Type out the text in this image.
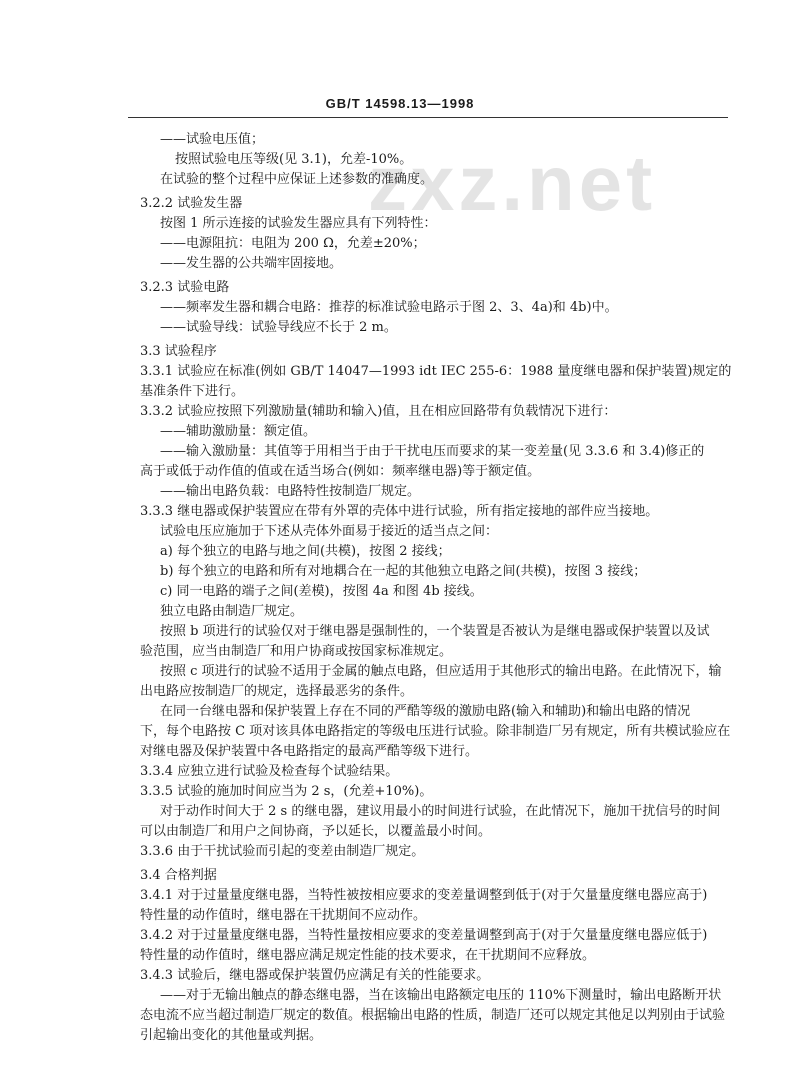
GB/T 14598.13—1998
zxz.net
——试验电压值；
按照试验电压等级(见 3.1)，允差-10%。
在试验的整个过程中应保证上述参数的准确度。
3.2.2 试验发生器
按图 1 所示连接的试验发生器应具有下列特性：
——电源阻抗：电阻为 200 Ω，允差±20%；
——发生器的公共端牢固接地。
3.2.3 试验电路
——频率发生器和耦合电路：推荐的标准试验电路示于图 2、3、4a)和 4b)中。
——试验导线：试验导线应不长于 2 m。
3.3 试验程序
3.3.1 试验应在标准(例如 GB/T 14047—1993 idt IEC 255-6：1988 量度继电器和保护装置)规定的
基准条件下进行。
3.3.2 试验应按照下列激励量(辅助和输入)值，且在相应回路带有负载情况下进行：
——辅助激励量：额定值。
——输入激励量：其值等于用相当于由于干扰电压而要求的某一变差量(见 3.3.6 和 3.4)修正的
高于或低于动作值的值或在适当场合(例如：频率继电器)等于额定值。
——输出电路负载：电路特性按制造厂规定。
3.3.3 继电器或保护装置应在带有外罩的壳体中进行试验，所有指定接地的部件应当接地。
试验电压应施加于下述从壳体外面易于接近的适当点之间：
a) 每个独立的电路与地之间(共模)，按图 2 接线；
b) 每个独立的电路和所有对地耦合在一起的其他独立电路之间(共模)，按图 3 接线；
c) 同一电路的端子之间(差模)，按图 4a 和图 4b 接线。
独立电路由制造厂规定。
按照 b 项进行的试验仅对于继电器是强制性的，一个装置是否被认为是继电器或保护装置以及试
验范围，应当由制造厂和用户协商或按国家标准规定。
按照 c 项进行的试验不适用于金属的触点电路，但应适用于其他形式的输出电路。在此情况下，输
出电路应按制造厂的规定，选择最恶劣的条件。
在同一台继电器和保护装置上存在不同的严酷等级的激励电路(输入和辅助)和输出电路的情况
下，每个电路按 C 项对该具体电路指定的等级电压进行试验。除非制造厂另有规定，所有共模试验应在
对继电器及保护装置中各电路指定的最高严酷等级下进行。
3.3.4 应独立进行试验及检查每个试验结果。
3.3.5 试验的施加时间应当为 2 s，(允差+10%)。
对于动作时间大于 2 s 的继电器，建议用最小的时间进行试验，在此情况下，施加干扰信号的时间
可以由制造厂和用户之间协商，予以延长，以覆盖最小时间。
3.3.6 由于干扰试验而引起的变差由制造厂规定。
3.4 合格判据
3.4.1 对于过量量度继电器，当特性被按相应要求的变差量调整到低于(对于欠量量度继电器应高于)
特性量的动作值时，继电器在干扰期间不应动作。
3.4.2 对于过量量度继电器，当特性量按相应要求的变差量调整到高于(对于欠量量度继电器应低于)
特性量的动作值时，继电器应满足规定性能的技术要求，在干扰期间不应释放。
3.4.3 试验后，继电器或保护装置仍应满足有关的性能要求。
——对于无输出触点的静态继电器，当在该输出电路额定电压的 110%下测量时，输出电路断开状
态电流不应当超过制造厂规定的数值。根据输出电路的性质，制造厂还可以规定其他足以判别由于试验
引起输出变化的其他量或判据。
